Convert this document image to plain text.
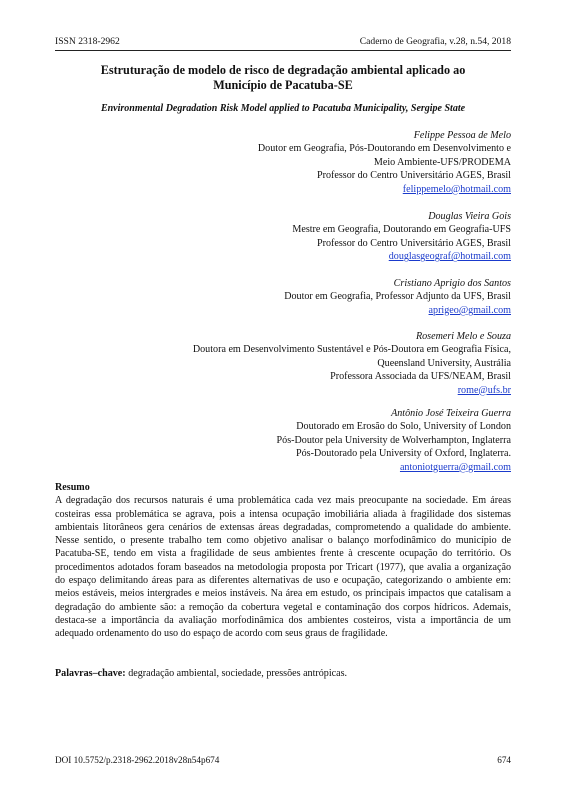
ISSN 2318-2962	Caderno de Geografia, v.28, n.54, 2018
Estruturação de modelo de risco de degradação ambiental aplicado ao
Município de Pacatuba-SE
Environmental Degradation Risk Model applied to Pacatuba Municipality, Sergipe State
Felippe Pessoa de Melo
Doutor em Geografia, Pós-Doutorando em Desenvolvimento e
Meio Ambiente-UFS/PRODEMA
Professor do Centro Universitário AGES, Brasil
felippemelo@hotmail.com
Douglas Vieira Gois
Mestre em Geografia, Doutorando em Geografia-UFS
Professor do Centro Universitário AGES, Brasil
douglasgeograf@hotmail.com
Cristiano Aprigio dos Santos
Doutor em Geografia, Professor Adjunto da UFS, Brasil
aprigeo@gmail.com
Rosemeri Melo e Souza
Doutora em Desenvolvimento Sustentável e Pós-Doutora em Geografia Física,
Queensland University, Austrália
Professora Associada da UFS/NEAM, Brasil
rome@ufs.br
Antônio José Teixeira Guerra
Doutorado em Erosão do Solo, University of London
Pós-Doutor pela University de Wolverhampton, Inglaterra
Pós-Doutorado pela University of Oxford, Inglaterra.
antoniotguerra@gmail.com
Resumo
A degradação dos recursos naturais é uma problemática cada vez mais preocupante na sociedade. Em áreas costeiras essa problemática se agrava, pois a intensa ocupação imobiliária aliada à fragilidade dos sistemas ambientais litorâneos gera cenários de extensas áreas degradadas, comprometendo a qualidade do ambiente. Nesse sentido, o presente trabalho tem como objetivo analisar o balanço morfodinâmico do município de Pacatuba-SE, tendo em vista a fragilidade de seus ambientes frente à crescente ocupação do território. Os procedimentos adotados foram baseados na metodologia proposta por Tricart (1977), que avalia a organização do espaço delimitando áreas para as diferentes alternativas de uso e ocupação, categorizando o ambiente em: meios estáveis, meios intergrades e meios instáveis. Na área em estudo, os principais impactos que catalisam a degradação do ambiente são: a remoção da cobertura vegetal e contaminação dos corpos hídricos. Ademais, destaca-se a importância da avaliação morfodinâmica dos ambientes costeiros, vista a importância de um adequado ordenamento do uso do espaço de acordo com seus graus de fragilidade.
Palavras–chave: degradação ambiental, sociedade, pressões antrópicas.
DOI 10.5752/p.2318-2962.2018v28n54p674	674
